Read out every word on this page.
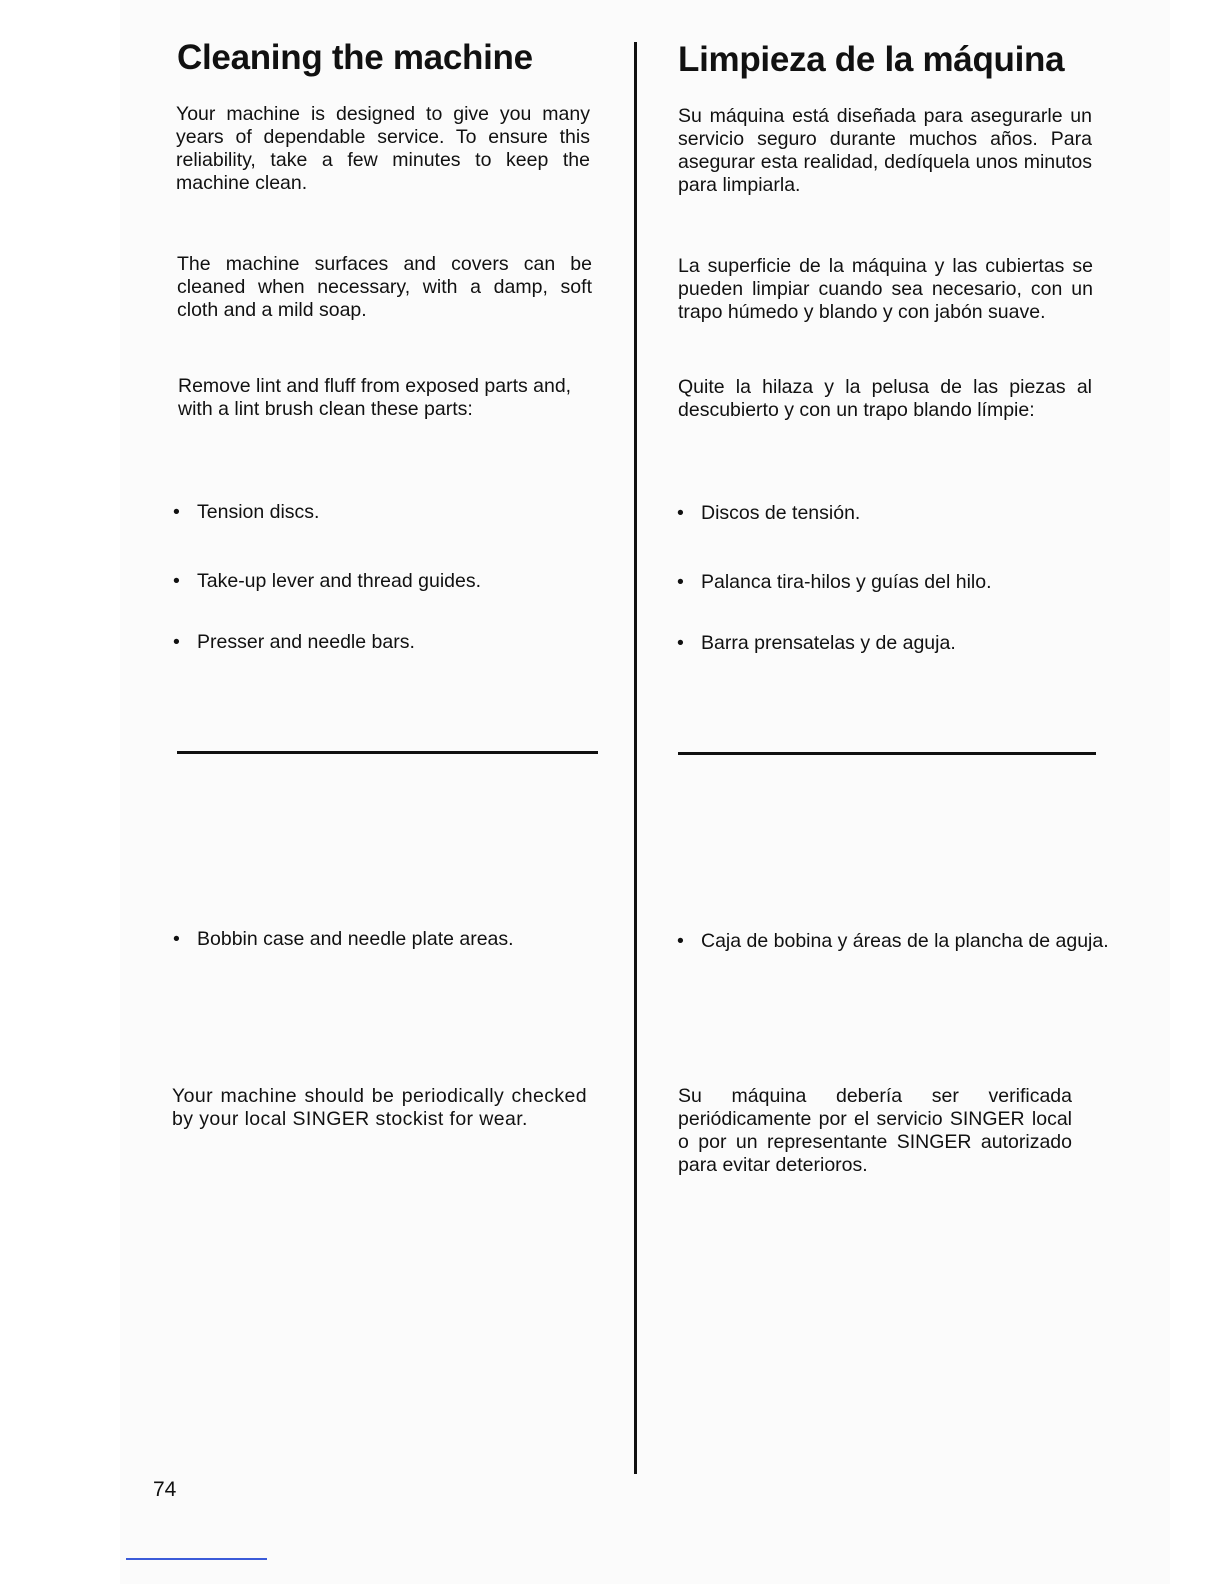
Cleaning the machine

Your machine is designed to give you many years of dependable service. To ensure this reliability, take a few minutes to keep the machine clean.

The machine surfaces and covers can be cleaned when necessary, with a damp, soft cloth and a mild soap.

Remove lint and fluff from exposed parts and, with a lint brush clean these parts:

• Tension discs.

• Take-up lever and thread guides.

• Presser and needle bars.

• Bobbin case and needle plate areas.

Your machine should be periodically checked by your local SINGER stockist for wear.

Limpieza de la máquina

Su máquina está diseñada para asegurarle un servicio seguro durante muchos años. Para asegurar esta realidad, dedíquela unos minutos para limpiarla.

La superficie de la máquina y las cubiertas se pueden limpiar cuando sea necesario, con un trapo húmedo y blando y con jabón suave.

Quite la hilaza y la pelusa de las piezas al descubierto y con un trapo blando límpie:

• Discos de tensión.

• Palanca tira-hilos y guías del hilo.

• Barra prensatelas y de aguja.

• Caja de bobina y áreas de la plancha de aguja.

Su máquina debería ser verificada periódicamente por el servicio SINGER local o por un representante SINGER autorizado para evitar deterioros.

74
